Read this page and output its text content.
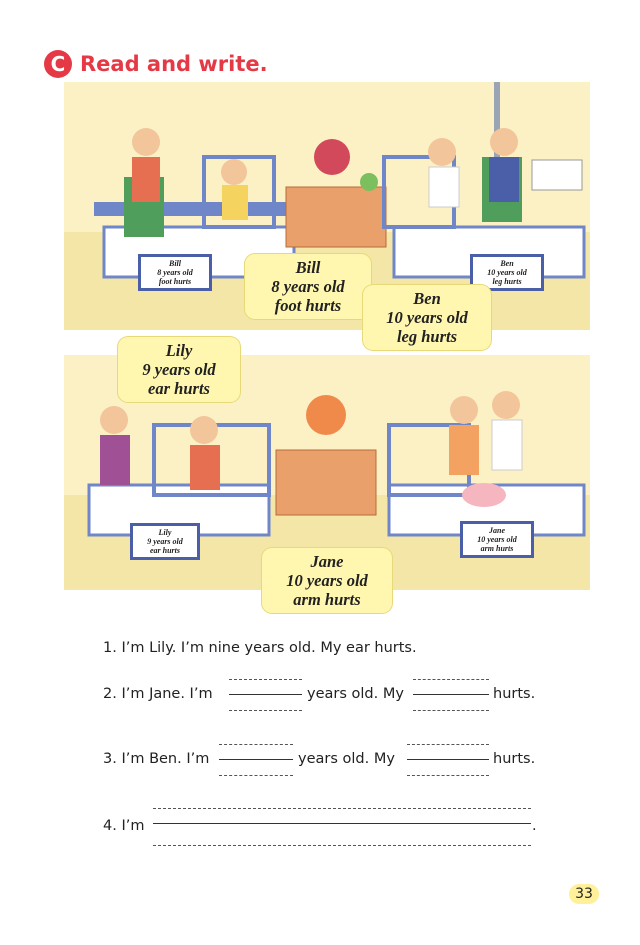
C Read and write.
Bill
8 years old
foot hurts
Ben
10 years old
leg hurts
Bill
8 years old
foot hurts	Ben
10 years old
leg hurts
Lily
9 years old
ear hurts
Jane
10 years old
arm hurts
Lily
9 years old
ear hurts
Jane
10 years old
arm hurts
1. I’m Lily. I’m nine years old. My ear hurts.
2. I’m Jane. I’m	years old. My	hurts.
3. I’m Ben. I’m	years old. My	hurts.
4. I’m	.
33
